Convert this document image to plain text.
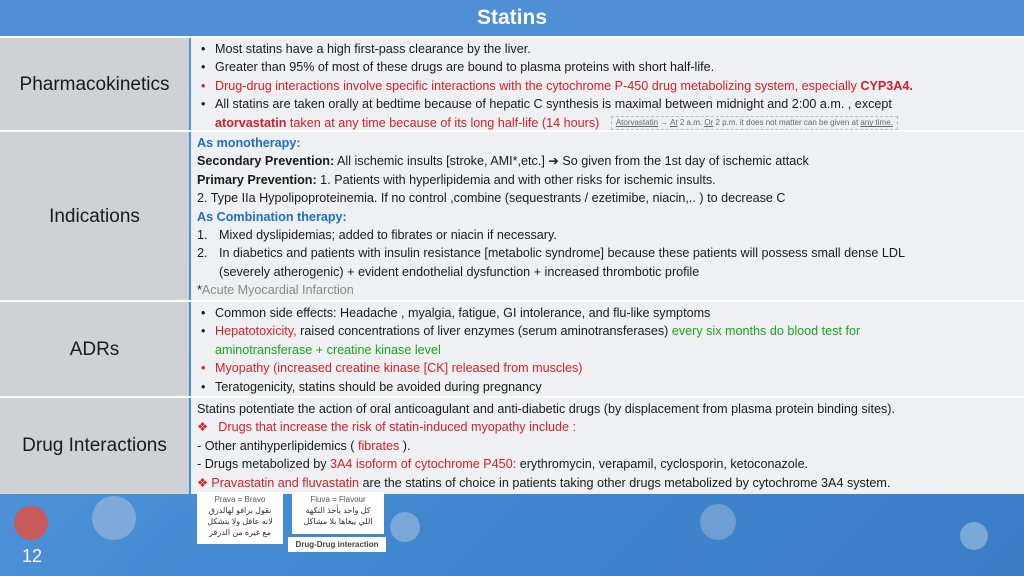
Statins
Pharmacokinetics
• Most statins have a high first-pass clearance by the liver.
• Greater than 95% of most of these drugs are bound to plasma proteins with short half-life.
• Drug-drug interactions involve specific interactions with the cytochrome P-450 drug metabolizing system, especially CYP3A4.
• All statins are taken orally at bedtime because of hepatic C synthesis is maximal between midnight and 2:00 a.m. , except
atorvastatin taken at any time because of its long half-life (14 hours) Atorvastatin → At 2 a.m. Or 2 p.m. it does not matter can be given at any time.
Indications
As monotherapy:
Secondary Prevention: All ischemic insults [stroke, AMI*,etc.] ➔ So given from the 1st day of ischemic attack
Primary Prevention: 1. Patients with hyperlipidemia and with other risks for ischemic insults.
2. Type IIa Hypolipoproteinemia. If no control ,combine (sequestrants / ezetimibe, niacin,.. ) to decrease C
As Combination therapy:
1. Mixed dyslipidemias; added to fibrates or niacin if necessary.
2. In diabetics and patients with insulin resistance [metabolic syndrome] because these patients will possess small dense LDL
(severely atherogenic) + evident endothelial dysfunction + increased thrombotic profile
*Acute Myocardial Infarction
ADRs
• Common side effects: Headache , myalgia, fatigue, GI intolerance, and flu-like symptoms
• Hepatotoxicity, raised concentrations of liver enzymes (serum aminotransferases) every six months do blood test for
aminotransferase + creatine kinase level
• Myopathy (increased creatine kinase [CK] released from muscles)
• Teratogenicity, statins should be avoided during pregnancy
Drug Interactions
Statins potentiate the action of oral anticoagulant and anti-diabetic drugs (by displacement from plasma protein binding sites).
❖ Drugs that increase the risk of statin-induced myopathy include :
- Other antihyperlipidemics ( fibrates ).
- Drugs metabolized by 3A4 isoform of cytochrome P450: erythromycin, verapamil, cyclosporin, ketoconazole.
❖ Pravastatin and fluvastatin are the statins of choice in patients taking other drugs metabolized by cytochrome 3A4 system.
Prava = Bravo
نقول برافو لهالدرق
لانه عاقل ولا يتشكل
مع غيره من الدرقز
Fluva = Flavour
كل واحد يأخذ النكهة
اللي يبغاها بلا مشاكل
Drug-Drug interaction
12
